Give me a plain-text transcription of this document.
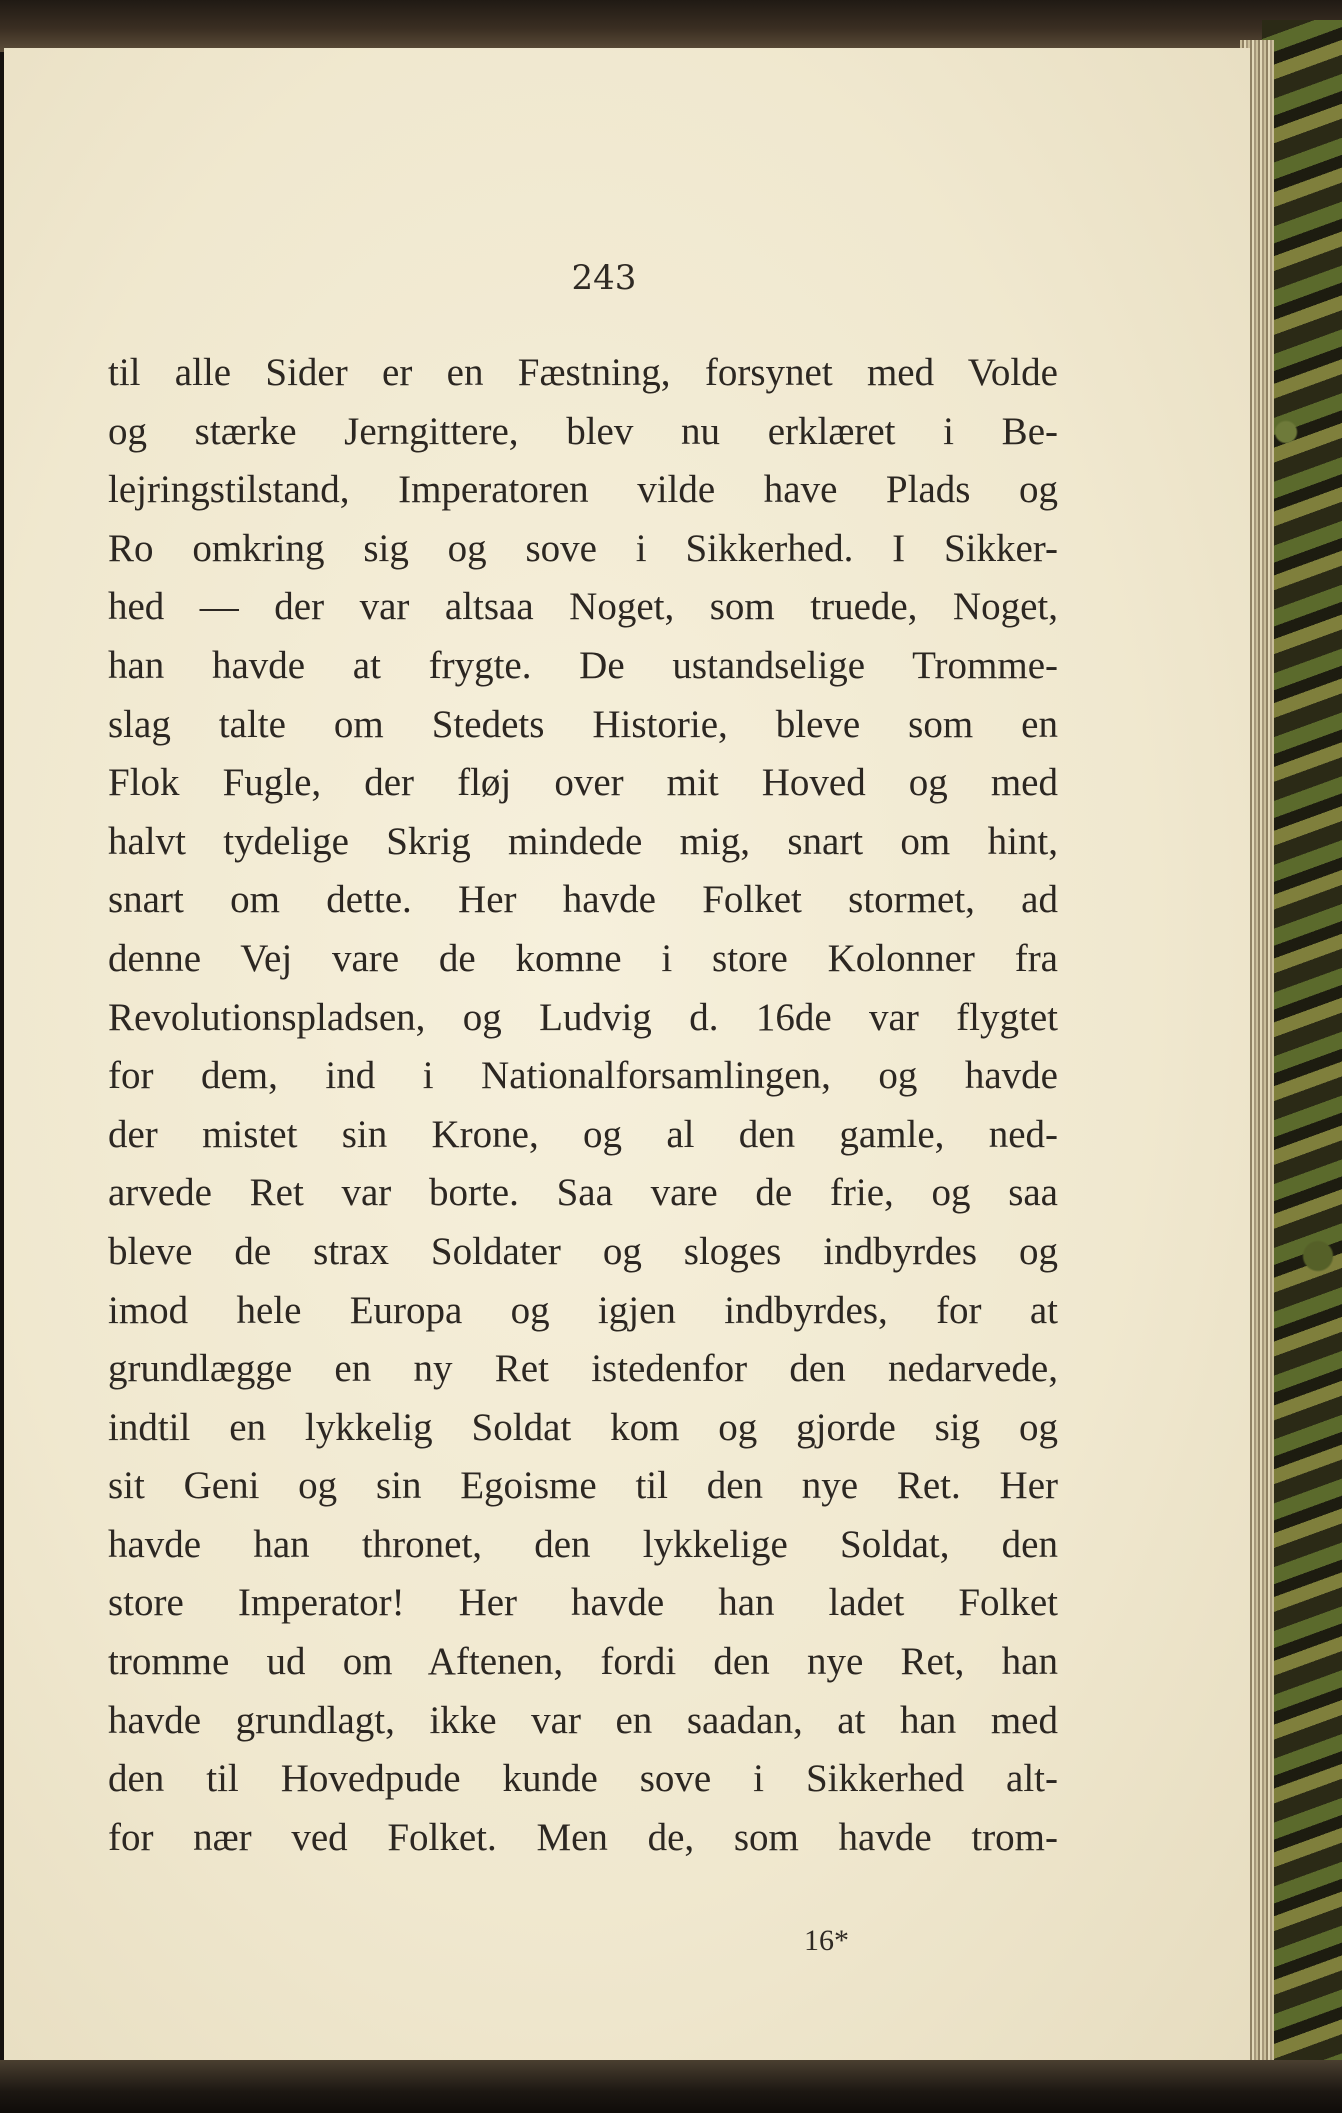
243

til alle Sider er en Fæstning, forsynet med Volde
og stærke Jerngittere, blev nu erklæret i Be-
lejringstilstand, Imperatoren vilde have Plads og
Ro omkring sig og sove i Sikkerhed. I Sikker-
hed — der var altsaa Noget, som truede, Noget,
han havde at frygte. De ustandselige Tromme-
slag talte om Stedets Historie, bleve som en
Flok Fugle, der fløj over mit Hoved og med
halvt tydelige Skrig mindede mig, snart om hint,
snart om dette. Her havde Folket stormet, ad
denne Vej vare de komne i store Kolonner fra
Revolutionspladsen, og Ludvig d. 16de var flygtet
for dem, ind i Nationalforsamlingen, og havde
der mistet sin Krone, og al den gamle, ned-
arvede Ret var borte. Saa vare de frie, og saa
bleve de strax Soldater og sloges indbyrdes og
imod hele Europa og igjen indbyrdes, for at
grundlægge en ny Ret istedenfor den nedarvede,
indtil en lykkelig Soldat kom og gjorde sig og
sit Geni og sin Egoisme til den nye Ret. Her
havde han thronet, den lykkelige Soldat, den
store Imperator! Her havde han ladet Folket
tromme ud om Aftenen, fordi den nye Ret, han
havde grundlagt, ikke var en saadan, at han med
den til Hovedpude kunde sove i Sikkerhed alt-
for nær ved Folket. Men de, som havde trom-

16*
